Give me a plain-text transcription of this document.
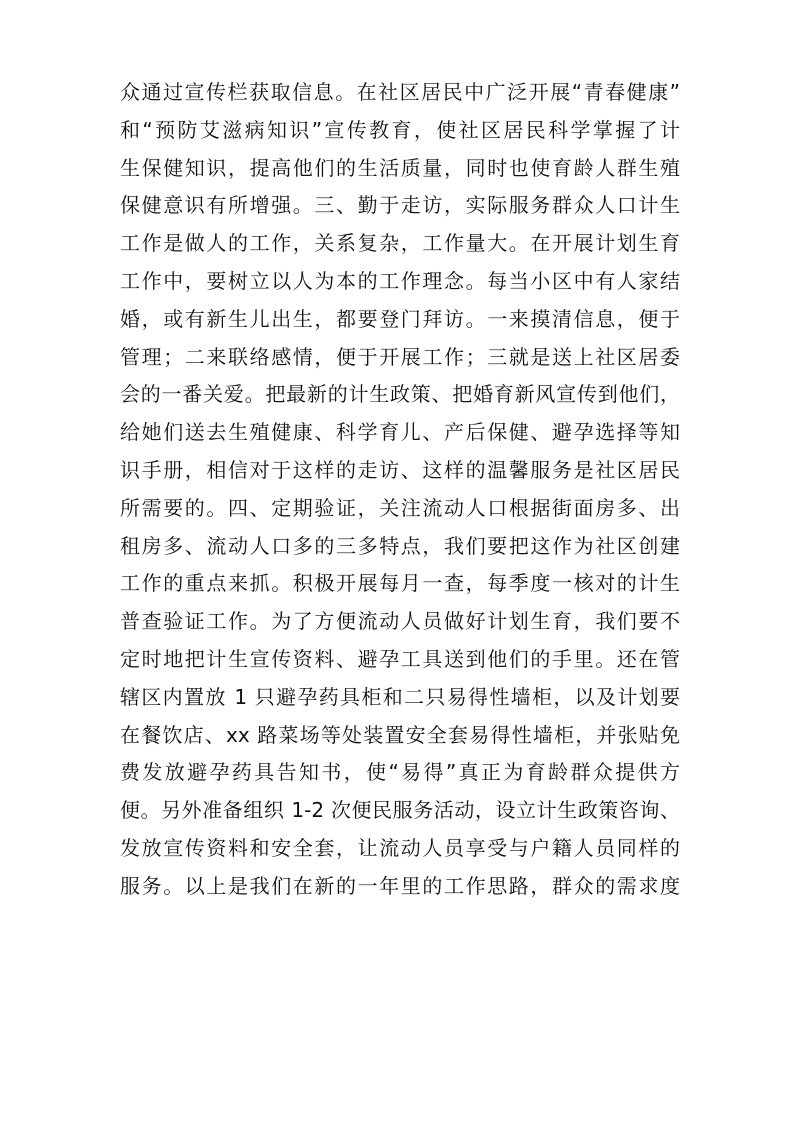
众通过宣传栏获取信息。在社区居民中广泛开展“青春健康”
和“预防艾滋病知识”宣传教育，使社区居民科学掌握了计
生保健知识，提高他们的生活质量，同时也使育龄人群生殖
保健意识有所增强。三、勤于走访，实际服务群众人口计生
工作是做人的工作，关系复杂，工作量大。在开展计划生育
工作中，要树立以人为本的工作理念。每当小区中有人家结
婚，或有新生儿出生，都要登门拜访。一来摸清信息，便于
管理；二来联络感情，便于开展工作；三就是送上社区居委
会的一番关爱。把最新的计生政策、把婚育新风宣传到他们，
给她们送去生殖健康、科学育儿、产后保健、避孕选择等知
识手册，相信对于这样的走访、这样的温馨服务是社区居民
所需要的。四、定期验证，关注流动人口根据街面房多、出
租房多、流动人口多的三多特点，我们要把这作为社区创建
工作的重点来抓。积极开展每月一查，每季度一核对的计生
普查验证工作。为了方便流动人员做好计划生育，我们要不
定时地把计生宣传资料、避孕工具送到他们的手里。还在管
辖区内置放 1 只避孕药具柜和二只易得性墙柜，以及计划要
在餐饮店、xx 路菜场等处装置安全套易得性墙柜，并张贴免
费发放避孕药具告知书，使“易得”真正为育龄群众提供方
便。另外准备组织 1-2 次便民服务活动，设立计生政策咨询、
发放宣传资料和安全套，让流动人员享受与户籍人员同样的
服务。以上是我们在新的一年里的工作思路，群众的需求度
